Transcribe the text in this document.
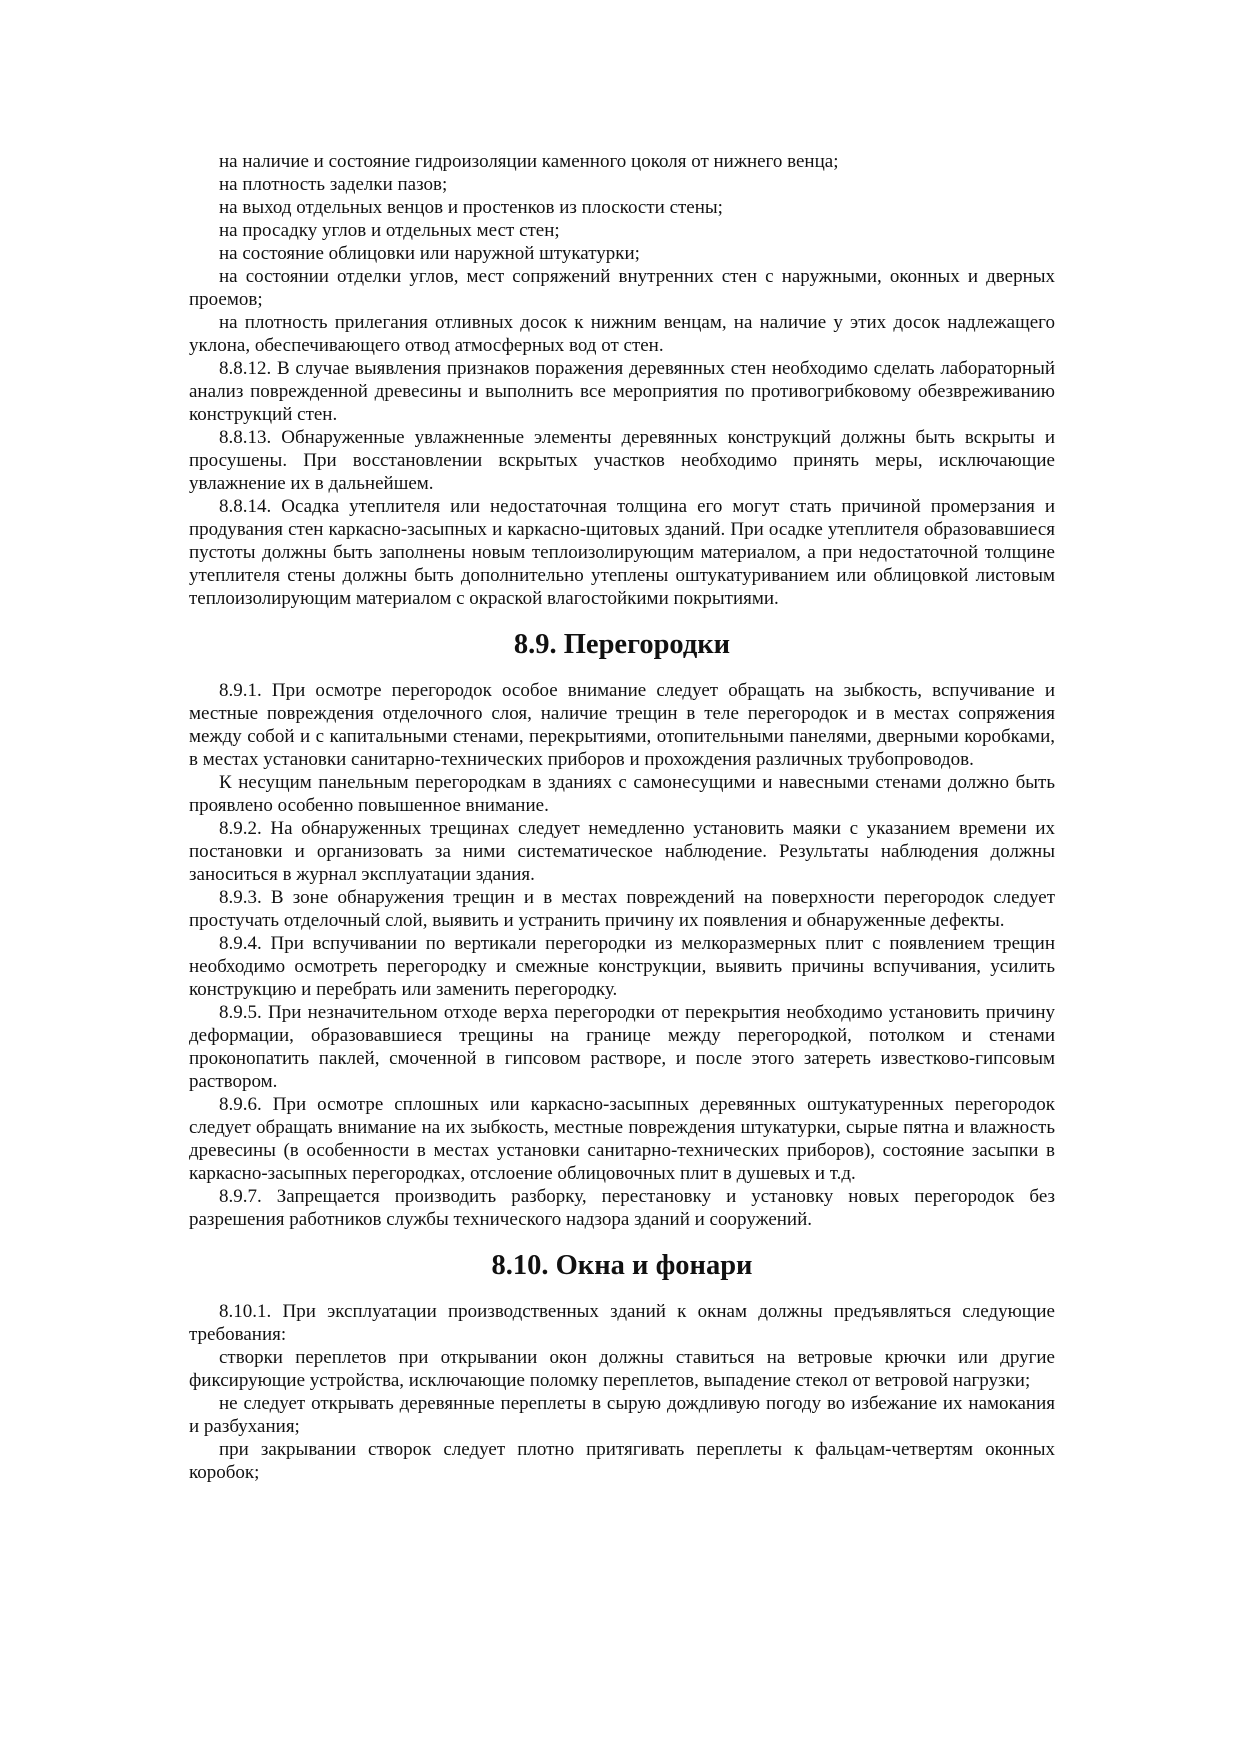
на наличие и состояние гидроизоляции каменного цоколя от нижнего венца;

на плотность заделки пазов;

на выход отдельных венцов и простенков из плоскости стены;

на просадку углов и отдельных мест стен;

на состояние облицовки или наружной штукатурки;

на состоянии отделки углов, мест сопряжений внутренних стен с наружными, оконных и дверных проемов;

на плотность прилегания отливных досок к нижним венцам, на наличие у этих досок надлежащего уклона, обеспечивающего отвод атмосферных вод от стен.

8.8.12. В случае выявления признаков поражения деревянных стен необходимо сделать лабораторный анализ поврежденной древесины и выполнить все мероприятия по противогрибковому обезвреживанию конструкций стен.

8.8.13. Обнаруженные увлажненные элементы деревянных конструкций должны быть вскрыты и просушены. При восстановлении вскрытых участков необходимо принять меры, исключающие увлажнение их в дальнейшем.

8.8.14. Осадка утеплителя или недостаточная толщина его могут стать причиной промерзания и продувания стен каркасно-засыпных и каркасно-щитовых зданий. При осадке утеплителя образовавшиеся пустоты должны быть заполнены новым теплоизолирующим материалом, а при недостаточной толщине утеплителя стены должны быть дополнительно утеплены оштукатуриванием или облицовкой листовым теплоизолирующим материалом с окраской влагостойкими покрытиями.

8.9. Перегородки

8.9.1. При осмотре перегородок особое внимание следует обращать на зыбкость, вспучивание и местные повреждения отделочного слоя, наличие трещин в теле перегородок и в местах сопряжения между собой и с капитальными стенами, перекрытиями, отопительными панелями, дверными коробками, в местах установки санитарно-технических приборов и прохождения различных трубопроводов.

К несущим панельным перегородкам в зданиях с самонесущими и навесными стенами должно быть проявлено особенно повышенное внимание.

8.9.2. На обнаруженных трещинах следует немедленно установить маяки с указанием времени их постановки и организовать за ними систематическое наблюдение. Результаты наблюдения должны заноситься в журнал эксплуатации здания.

8.9.3. В зоне обнаружения трещин и в местах повреждений на поверхности перегородок следует простучать отделочный слой, выявить и устранить причину их появления и обнаруженные дефекты.

8.9.4. При вспучивании по вертикали перегородки из мелкоразмерных плит с появлением трещин необходимо осмотреть перегородку и смежные конструкции, выявить причины вспучивания, усилить конструкцию и перебрать или заменить перегородку.

8.9.5. При незначительном отходе верха перегородки от перекрытия необходимо установить причину деформации, образовавшиеся трещины на границе между перегородкой, потолком и стенами проконопатить паклей, смоченной в гипсовом растворе, и после этого затереть известково-гипсовым раствором.

8.9.6. При осмотре сплошных или каркасно-засыпных деревянных оштукатуренных перегородок следует обращать внимание на их зыбкость, местные повреждения штукатурки, сырые пятна и влажность древесины (в особенности в местах установки санитарно-технических приборов), состояние засыпки в каркасно-засыпных перегородках, отслоение облицовочных плит в душевых и т.д.

8.9.7. Запрещается производить разборку, перестановку и установку новых перегородок без разрешения работников службы технического надзора зданий и сооружений.

8.10. Окна и фонари

8.10.1. При эксплуатации производственных зданий к окнам должны предъявляться следующие требования:

створки переплетов при открывании окон должны ставиться на ветровые крючки или другие фиксирующие устройства, исключающие поломку переплетов, выпадение стекол от ветровой нагрузки;

не следует открывать деревянные переплеты в сырую дождливую погоду во избежание их намокания и разбухания;

при закрывании створок следует плотно притягивать переплеты к фальцам-четвертям оконных коробок;
